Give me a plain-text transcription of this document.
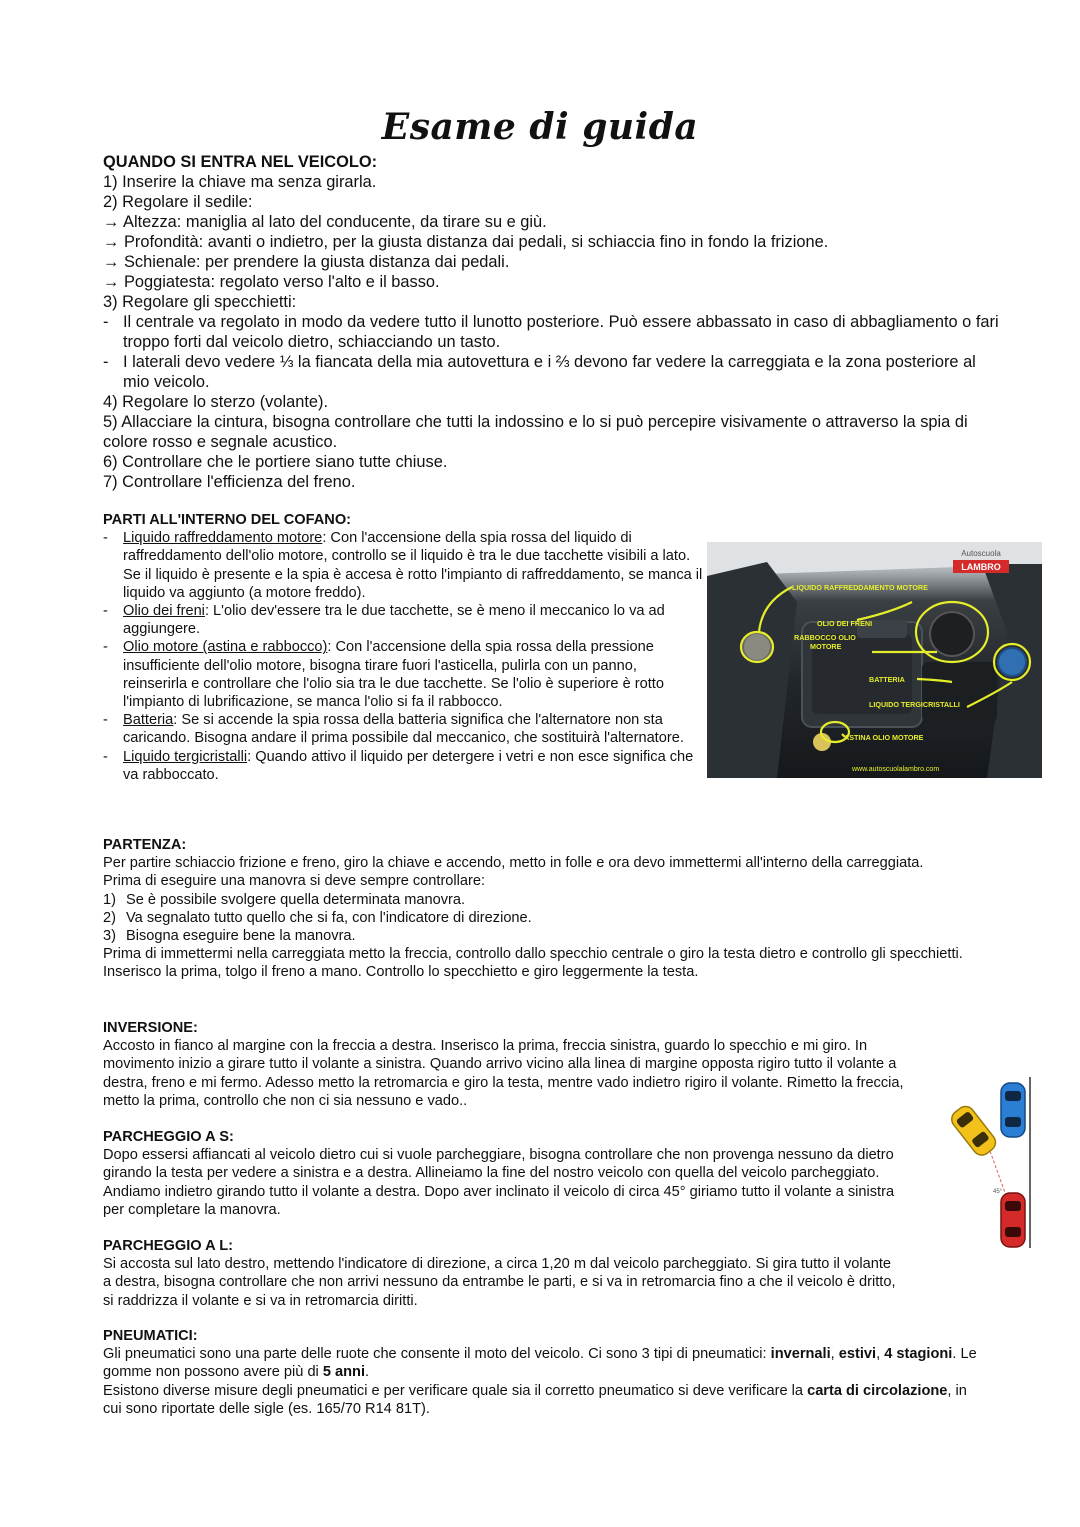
Esame di guida
QUANDO SI ENTRA NEL VEICOLO:
1) Inserire la chiave ma senza girarla.
2) Regolare il sedile:
→ Altezza: maniglia al lato del conducente, da tirare su e giù.
→ Profondità: avanti o indietro, per la giusta distanza dai pedali, si schiaccia fino in fondo la frizione.
→ Schienale: per prendere la giusta distanza dai pedali.
→ Poggiatesta: regolato verso l'alto e il basso.
3) Regolare gli specchietti:
- Il centrale va regolato in modo da vedere tutto il lunotto posteriore. Può essere abbassato in caso di abbagliamento o fari troppo forti dal veicolo dietro, schiacciando un tasto.
- I laterali devo vedere ⅓ la fiancata della mia autovettura e i ⅔ devono far vedere la carreggiata e la zona posteriore al mio veicolo.
4) Regolare lo sterzo (volante).
5) Allacciare la cintura, bisogna controllare che tutti la indossino e lo si può percepire visivamente o attraverso la spia di colore rosso e segnale acustico.
6) Controllare che le portiere siano tutte chiuse.
7) Controllare l'efficienza del freno.
PARTI ALL'INTERNO DEL COFANO:
- Liquido raffreddamento motore: Con l'accensione della spia rossa del liquido di raffreddamento dell'olio motore, controllo se il liquido è tra le due tacchette visibili a lato. Se il liquido è presente e la spia è accesa è rotto l'impianto di raffreddamento, se manca il liquido va aggiunto (a motore freddo).
- Olio dei freni: L'olio dev'essere tra le due tacchette, se è meno il meccanico lo va ad aggiungere.
- Olio motore (astina e rabbocco): Con l'accensione della spia rossa della pressione insufficiente dell'olio motore, bisogna tirare fuori l'asticella, pulirla con un panno, reinserirla e controllare che l'olio sia tra le due tacchette. Se l'olio è superiore è rotto l'impianto di lubrificazione, se manca l'olio si fa il rabbocco.
- Batteria: Se si accende la spia rossa della batteria significa che l'alternatore non sta caricando. Bisogna andare il prima possibile dal meccanico, che sostituirà l'alternatore.
- Liquido tergicristalli: Quando attivo il liquido per detergere i vetri e non esce significa che va rabboccato.
Autoscuola
LAMBRO
LIQUIDO RAFFREDDAMENTO MOTORE
OLIO DEI FRENI
RABBOCCO OLIO
MOTORE
BATTERIA
LIQUIDO TERGICRISTALLI
ASTINA OLIO MOTORE
www.autoscuolalambro.com
PARTENZA:
Per partire schiaccio frizione e freno, giro la chiave e accendo, metto in folle e ora devo immettermi all'interno della carreggiata.
Prima di eseguire una manovra si deve sempre controllare:
1) Se è possibile svolgere quella determinata manovra.
2) Va segnalato tutto quello che si fa, con l'indicatore di direzione.
3) Bisogna eseguire bene la manovra.
Prima di immettermi nella carreggiata metto la freccia, controllo dallo specchio centrale o giro la testa dietro e controllo gli specchietti. Inserisco la prima, tolgo il freno a mano. Controllo lo specchietto e giro leggermente la testa.
INVERSIONE:
Accosto in fianco al margine con la freccia a destra. Inserisco la prima, freccia sinistra, guardo lo specchio e mi giro. In movimento inizio a girare tutto il volante a sinistra. Quando arrivo vicino alla linea di margine opposta rigiro tutto il volante a destra, freno e mi fermo. Adesso metto la retromarcia e giro la testa, mentre vado indietro rigiro il volante. Rimetto la freccia, metto la prima, controllo che non ci sia nessuno e vado..
PARCHEGGIO A S:
Dopo essersi affiancati al veicolo dietro cui si vuole parcheggiare, bisogna controllare che non provenga nessuno da dietro girando la testa per vedere a sinistra e a destra. Allineiamo la fine del nostro veicolo con quella del veicolo parcheggiato. Andiamo indietro girando tutto il volante a destra. Dopo aver inclinato il veicolo di circa 45° giriamo tutto il volante a sinistra per completare la manovra.
45°
PARCHEGGIO A L:
Si accosta sul lato destro, mettendo l'indicatore di direzione, a circa 1,20 m dal veicolo parcheggiato. Si gira tutto il volante a destra, bisogna controllare che non arrivi nessuno da entrambe le parti, e si va in retromarcia fino a che il veicolo è dritto, si raddrizza il volante e si va in retromarcia diritti.
PNEUMATICI:
Gli pneumatici sono una parte delle ruote che consente il moto del veicolo. Ci sono 3 tipi di pneumatici: invernali, estivi, 4 stagioni. Le gomme non possono avere più di 5 anni.
Esistono diverse misure degli pneumatici e per verificare quale sia il corretto pneumatico si deve verificare la carta di circolazione, in cui sono riportate delle sigle (es. 165/70 R14 81T).
